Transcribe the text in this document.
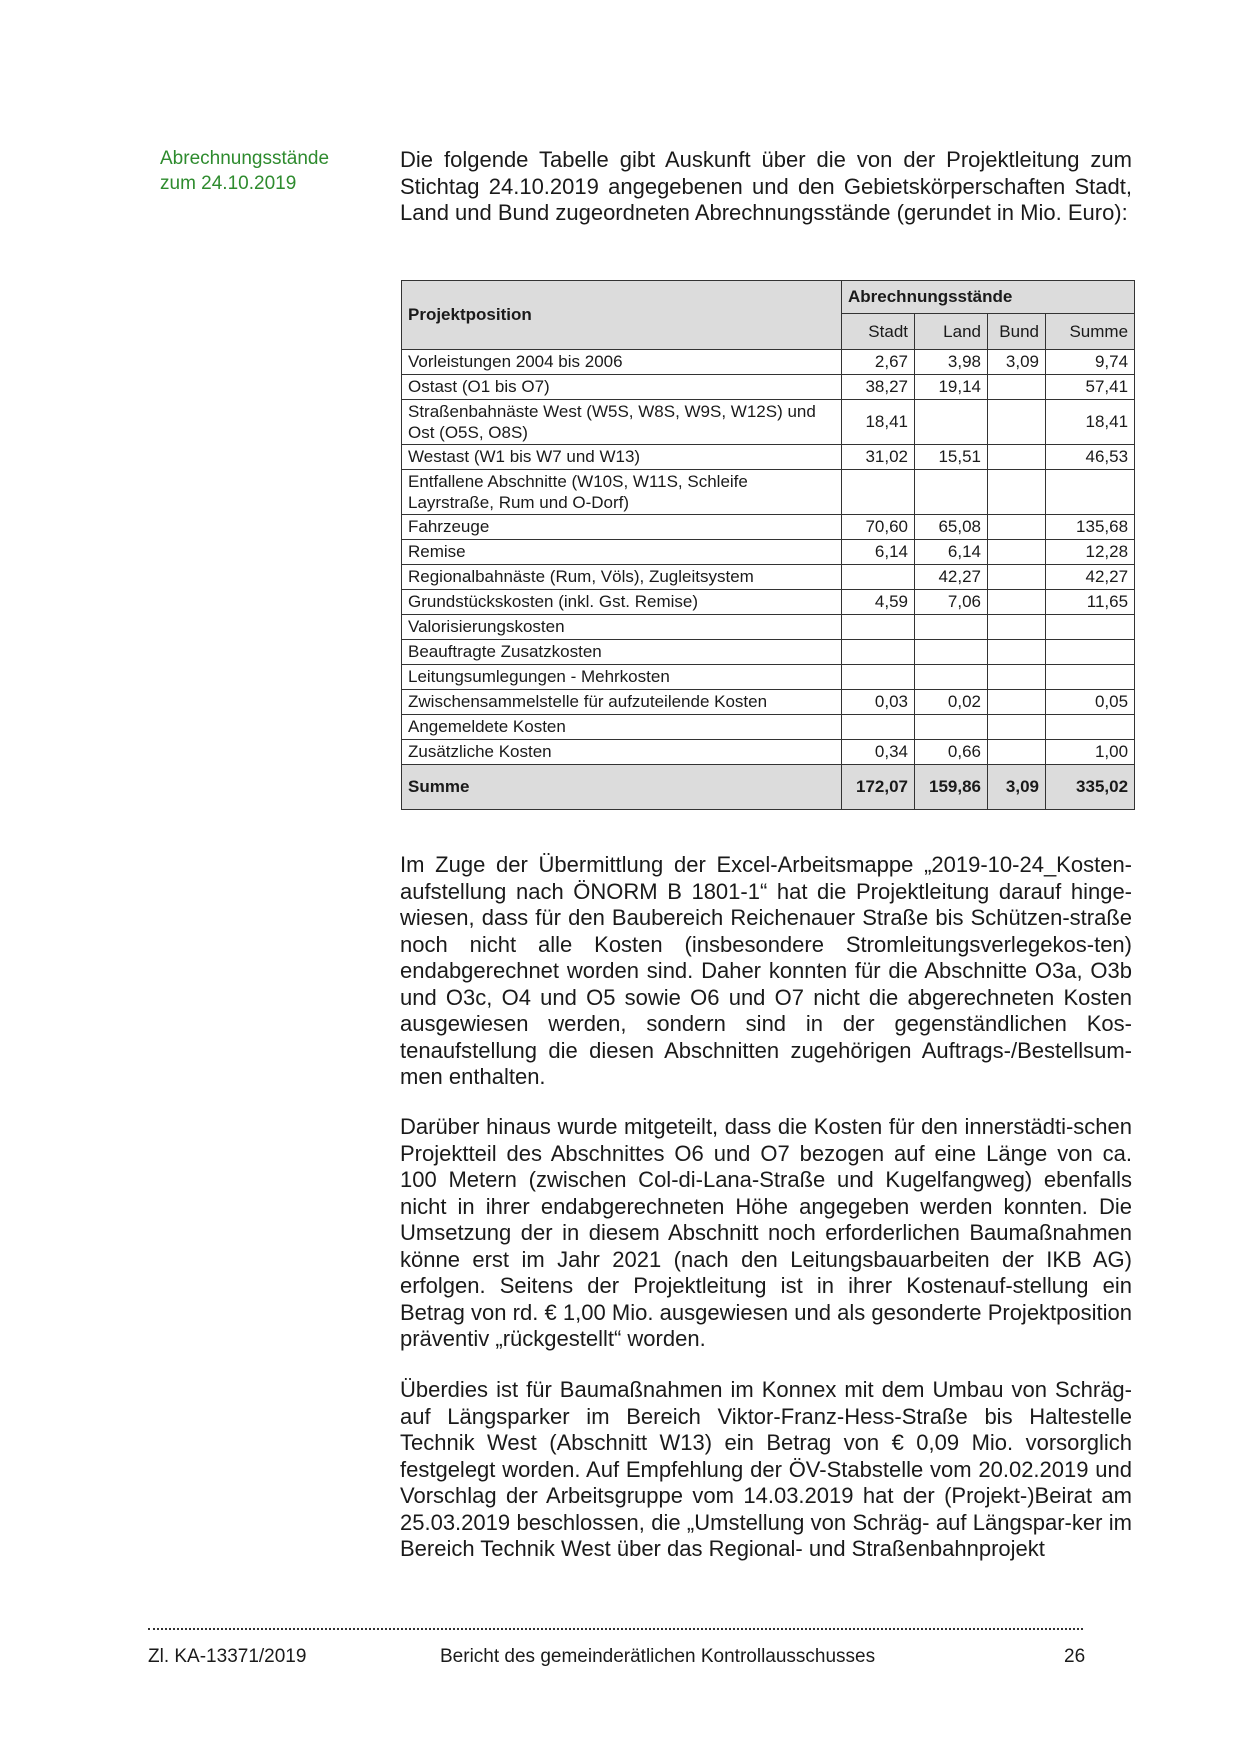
Abrechnungsstände
zum 24.10.2019
Die folgende Tabelle gibt Auskunft über die von der Projektleitung zum Stichtag 24.10.2019 angegebenen und den Gebietskörperschaften Stadt, Land und Bund zugeordneten Abrechnungsstände (gerundet in Mio. Euro):
Projektposition	Abrechnungsstände			
	Stadt	Land	Bund	Summe
Vorleistungen 2004 bis 2006	2,67	3,98	3,09	9,74
Ostast (O1 bis O7)	38,27	19,14		57,41
Straßenbahnäste West (W5S, W8S, W9S, W12S) und Ost (O5S, O8S)	18,41			18,41
Westast (W1 bis W7 und W13)	31,02	15,51		46,53
Entfallene Abschnitte (W10S, W11S, Schleife Layrstraße, Rum und O-Dorf)				
Fahrzeuge	70,60	65,08		135,68
Remise	6,14	6,14		12,28
Regionalbahnäste (Rum, Völs), Zugleitsystem		42,27		42,27
Grundstückskosten (inkl. Gst. Remise)	4,59	7,06		11,65
Valorisierungskosten				
Beauftragte Zusatzkosten				
Leitungsumlegungen - Mehrkosten				
Zwischensammelstelle für aufzuteilende Kosten	0,03	0,02		0,05
Angemeldete Kosten				
Zusätzliche Kosten	0,34	0,66		1,00
Summe	172,07	159,86	3,09	335,02
Im Zuge der Übermittlung der Excel-Arbeitsmappe „2019-10-24_Kosten-aufstellung nach ÖNORM B 1801-1“ hat die Projektleitung darauf hinge-wiesen, dass für den Baubereich Reichenauer Straße bis Schützen-straße noch nicht alle Kosten (insbesondere Stromleitungsverlegekos-ten) endabgerechnet worden sind. Daher konnten für die Abschnitte O3a, O3b und O3c, O4 und O5 sowie O6 und O7 nicht die abgerechneten Kosten ausgewiesen werden, sondern sind in der gegenständlichen Kos-tenaufstellung die diesen Abschnitten zugehörigen Auftrags-/Bestellsum-men enthalten.
Darüber hinaus wurde mitgeteilt, dass die Kosten für den innerstädti-schen Projektteil des Abschnittes O6 und O7 bezogen auf eine Länge von ca. 100 Metern (zwischen Col-di-Lana-Straße und Kugelfangweg) ebenfalls nicht in ihrer endabgerechneten Höhe angegeben werden konnten. Die Umsetzung der in diesem Abschnitt noch erforderlichen Baumaßnahmen könne erst im Jahr 2021 (nach den Leitungsbauarbeiten der IKB AG) erfolgen. Seitens der Projektleitung ist in ihrer Kostenauf-stellung ein Betrag von rd. € 1,00 Mio. ausgewiesen und als gesonderte Projektposition präventiv „rückgestellt“ worden.
Überdies ist für Baumaßnahmen im Konnex mit dem Umbau von Schräg- auf Längsparker im Bereich Viktor-Franz-Hess-Straße bis Haltestelle Technik West (Abschnitt W13) ein Betrag von € 0,09 Mio. vorsorglich festgelegt worden. Auf Empfehlung der ÖV-Stabstelle vom 20.02.2019 und Vorschlag der Arbeitsgruppe vom 14.03.2019 hat der (Projekt-)Beirat am 25.03.2019 beschlossen, die „Umstellung von Schräg- auf Längspar-ker im Bereich Technik West über das Regional- und Straßenbahnprojekt
Zl. KA-13371/2019	Bericht des gemeinderätlichen Kontrollausschusses	26
